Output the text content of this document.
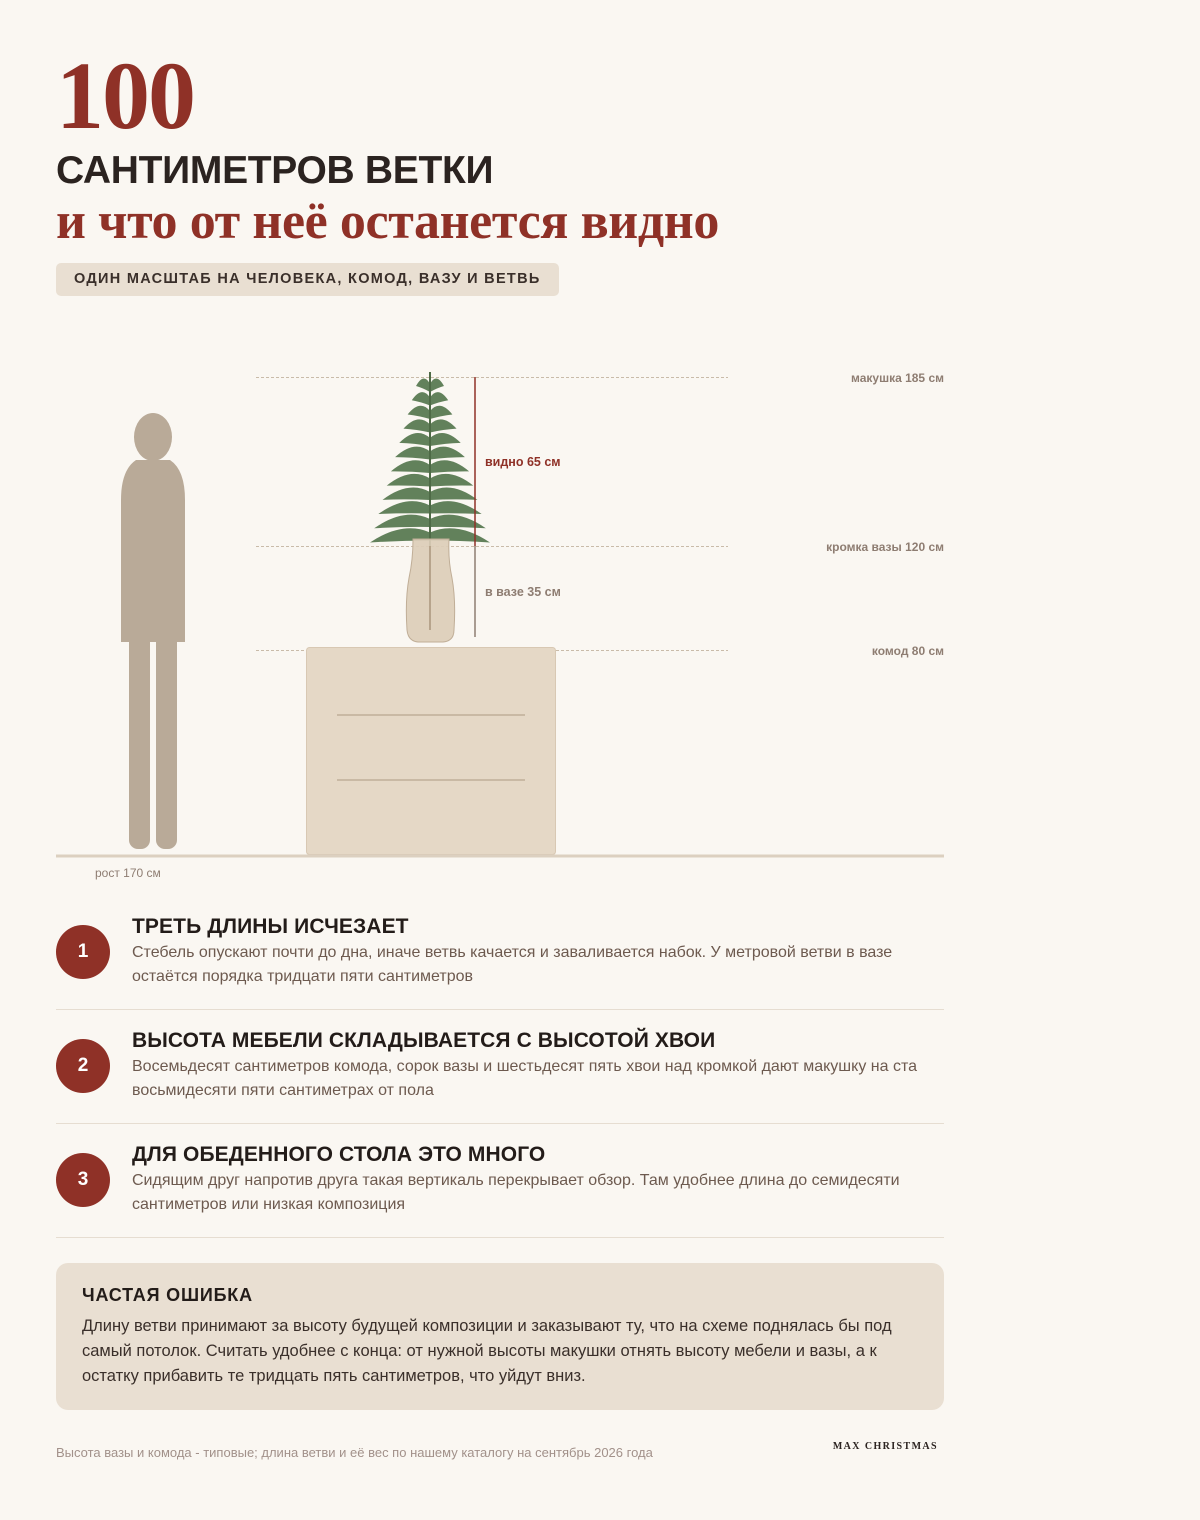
100
САНТИМЕТРОВ ВЕТКИ
и что от неё останется видно
ОДИН МАСШТАБ НА ЧЕЛОВЕКА, КОМОД, ВАЗУ И ВЕТВЬ
макушка 185 см
кромка вазы 120 см
комод 80 см
видно 65 см
в вазе 35 см
рост 170 см
1
ТРЕТЬ ДЛИНЫ ИСЧЕЗАЕТ

Стебель опускают почти до дна, иначе ветвь качается и заваливается набок. У метровой ветви в вазе остаётся порядка тридцати пяти сантиметров

2
ВЫСОТА МЕБЕЛИ СКЛАДЫВАЕТСЯ С ВЫСОТОЙ ХВОИ

Восемьдесят сантиметров комода, сорок вазы и шестьдесят пять хвои над кромкой дают макушку на ста восьмидесяти пяти сантиметрах от пола

3
ДЛЯ ОБЕДЕННОГО СТОЛА ЭТО МНОГО

Сидящим друг напротив друга такая вертикаль перекрывает обзор. Там удобнее длина до семидесяти сантиметров или низкая композиция

ЧАСТАЯ ОШИБКА

Длину ветви принимают за высоту будущей композиции и заказывают ту, что на схеме поднялась бы под самый потолок. Считать удобнее с конца: от нужной высоты макушки отнять высоту мебели и вазы, а к остатку прибавить те тридцать пять сантиметров, что уйдут вниз.

Высота вазы и комода - типовые; длина ветви и её вес по нашему каталогу на сентябрь 2026 года	MAX CHRISTMAS
